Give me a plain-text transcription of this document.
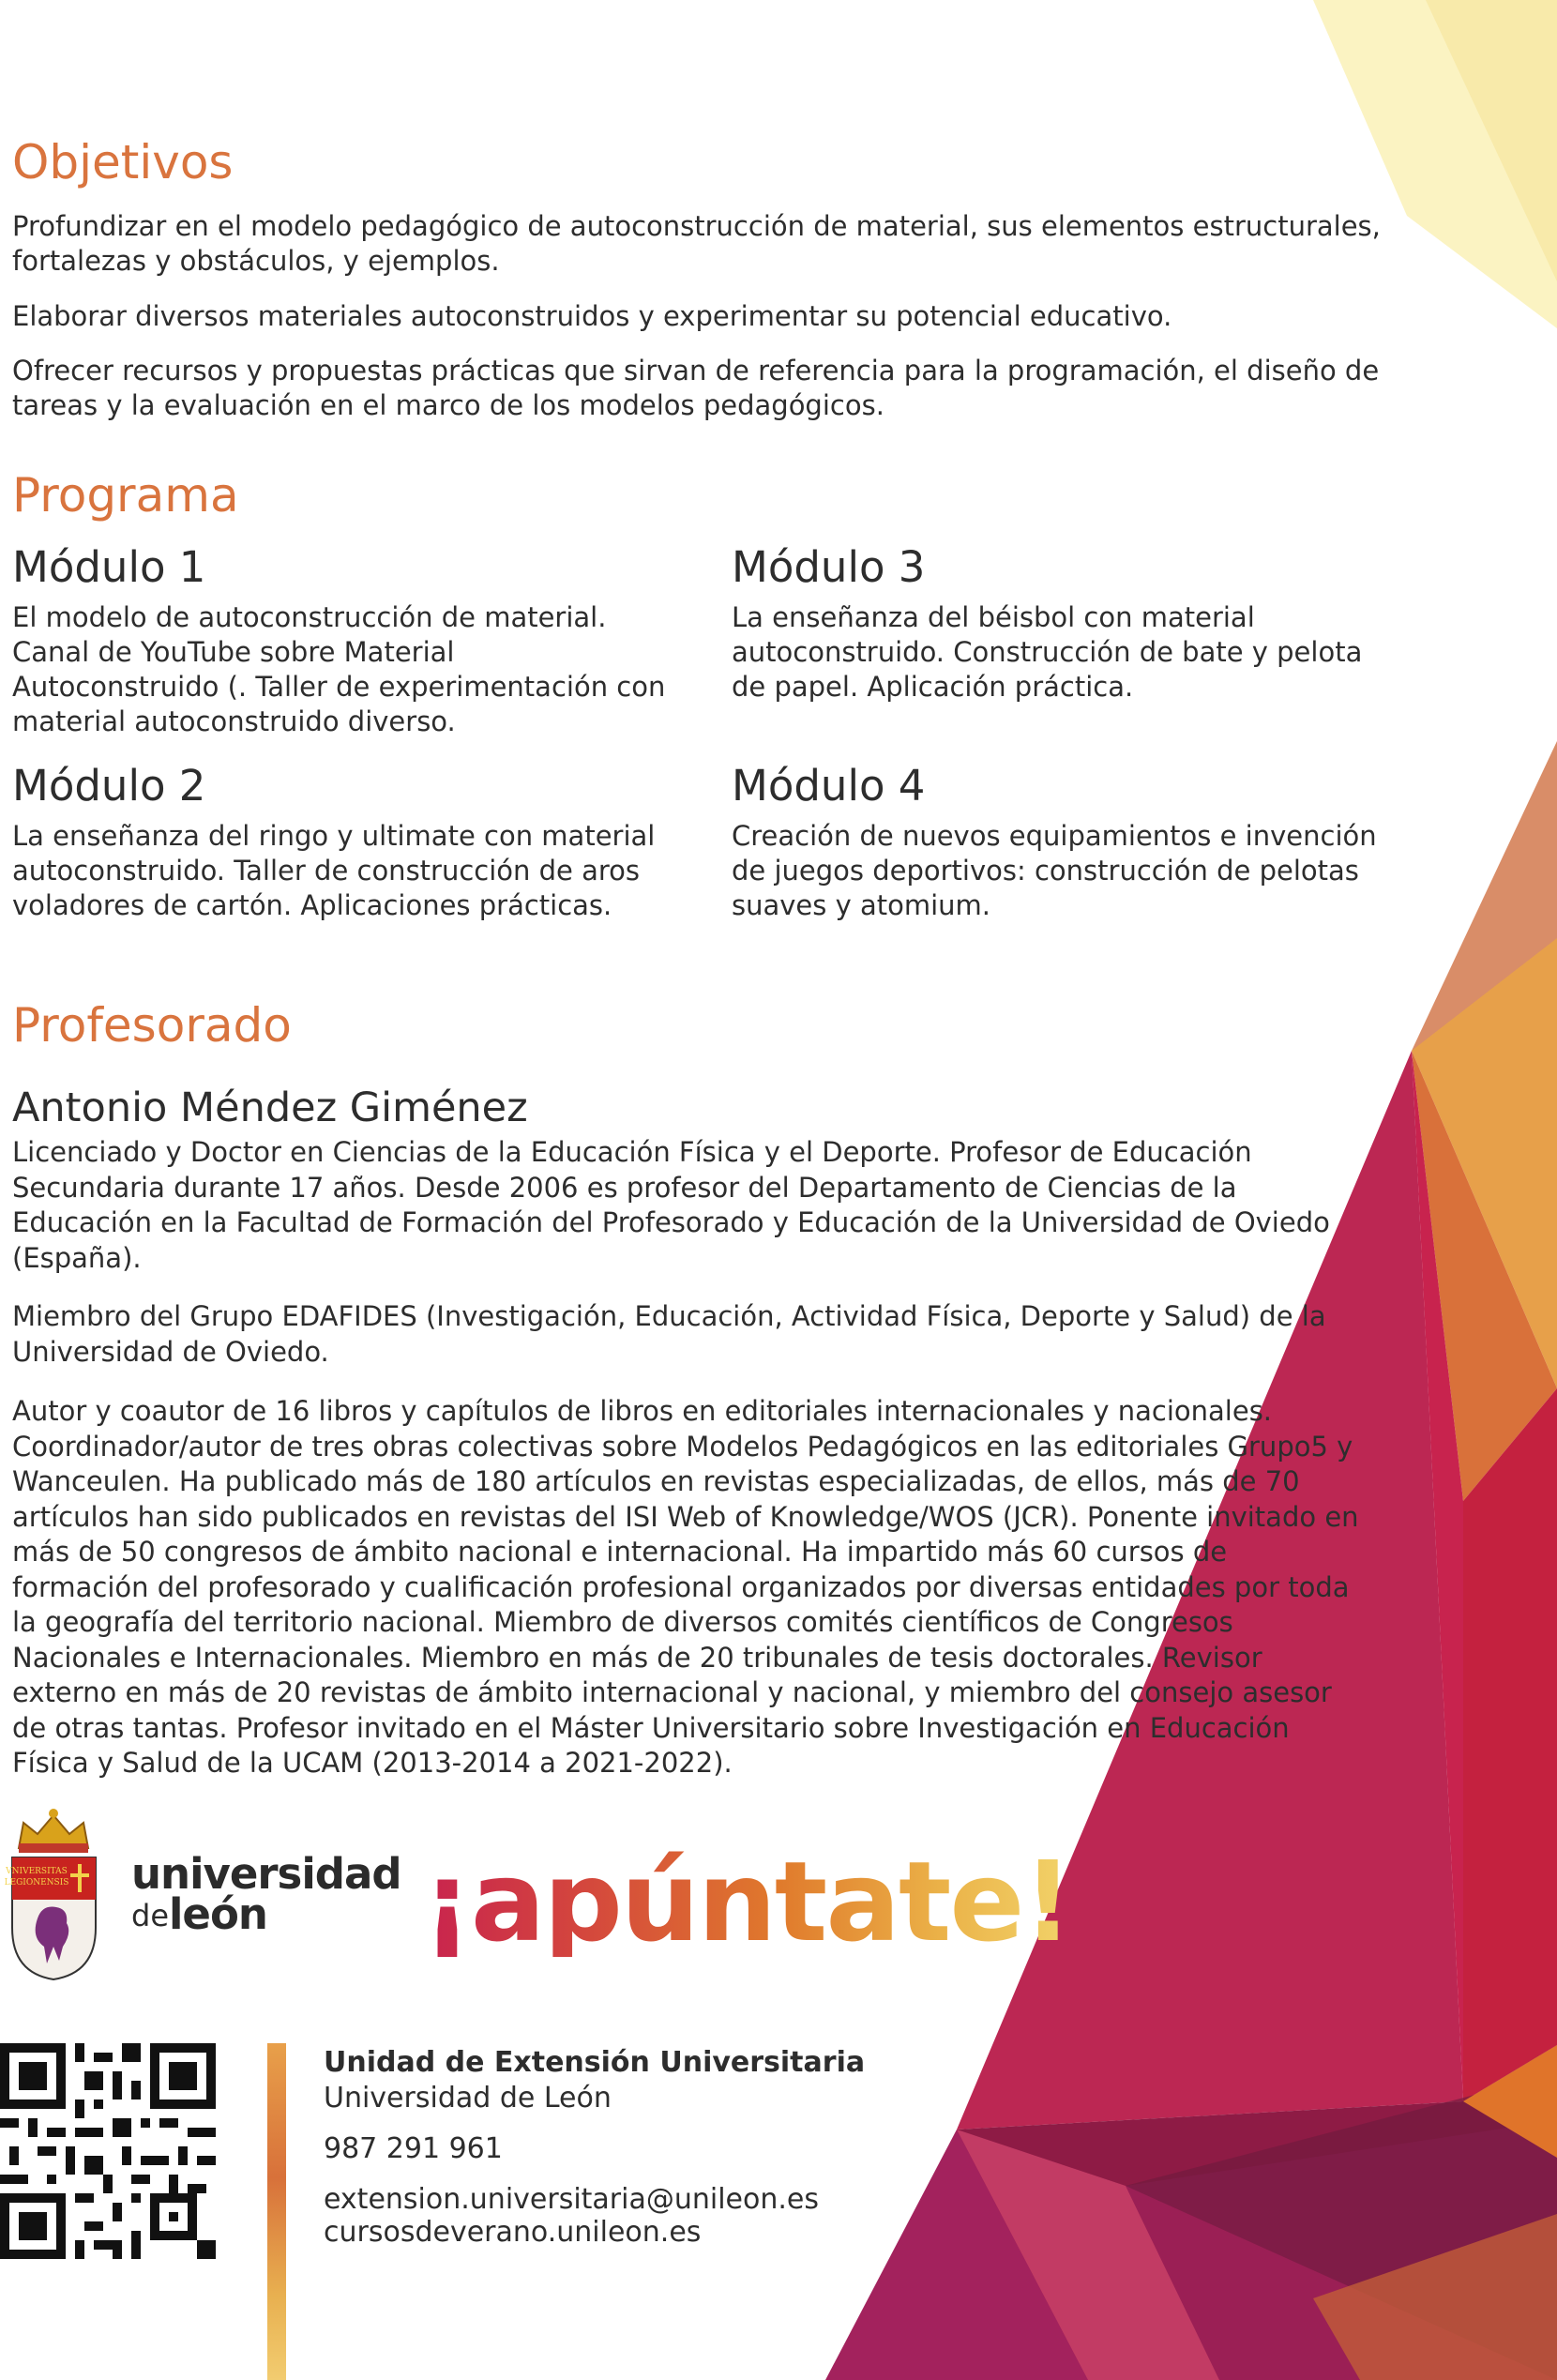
Objetivos

Profundizar en el modelo pedagógico de autoconstrucción de material, sus elementos estructurales, fortalezas y obstáculos, y ejemplos.

Elaborar diversos materiales autoconstruidos y experimentar su potencial educativo.

Ofrecer recursos y propuestas prácticas que sirvan de referencia para la programación, el diseño de tareas y la evaluación en el marco de los modelos pedagógicos.

Programa
Módulo 1

El modelo de autoconstrucción de material. Canal de YouTube sobre Material Autoconstruido (. Taller de experimentación con material autoconstruido diverso.

Módulo 2

La enseñanza del ringo y ultimate con material autoconstruido. Taller de construcción de aros voladores de cartón. Aplicaciones prácticas.

Módulo 3

La enseñanza del béisbol con material autoconstruido. Construcción de bate y pelota de papel. Aplicación práctica.

Módulo 4

Creación de nuevos equipamientos e invención de juegos deportivos: construcción de pelotas suaves y atomium.

Profesorado
Antonio Méndez Giménez

Licenciado y Doctor en Ciencias de la Educación Física y el Deporte. Profesor de Educación Secundaria durante 17 años. Desde 2006 es profesor del Departamento de Ciencias de la Educación en la Facultad de Formación del Profesorado y Educación de la Universidad de Oviedo (España).

Miembro del Grupo EDAFIDES (Investigación, Educación, Actividad Física, Deporte y Salud) de la Universidad de Oviedo.

Autor y coautor de 16 libros y capítulos de libros en editoriales internacionales y nacionales. Coordinador/autor de tres obras colectivas sobre Modelos Pedagógicos en las editoriales Grupo5 y Wanceulen. Ha publicado más de 180 artículos en revistas especializadas, de ellos, más de 70 artículos han sido publicados en revistas del ISI Web of Knowledge/WOS (JCR). Ponente invitado en más de 50 congresos de ámbito nacional e internacional. Ha impartido más 60 cursos de formación del profesorado y cualificación profesional organizados por diversas entidades por toda la geografía del territorio nacional. Miembro de diversos comités científicos de Congresos Nacionales e Internacionales. Miembro en más de 20 tribunales de tesis doctorales. Revisor externo en más de 20 revistas de ámbito internacional y nacional, y miembro del consejo asesor de otras tantas. Profesor invitado en el Máster Universitario sobre Investigación en Educación Física y Salud de la UCAM (2013-2014 a 2021-2022).

VNIVERSITAS
LEGIONENSIS universidad
de león ¡apúntate!

Unidad de Extensión Universitaria

Universidad de León

987 291 961

extension.universitaria@unileon.es

cursosdeverano.unileon.es
